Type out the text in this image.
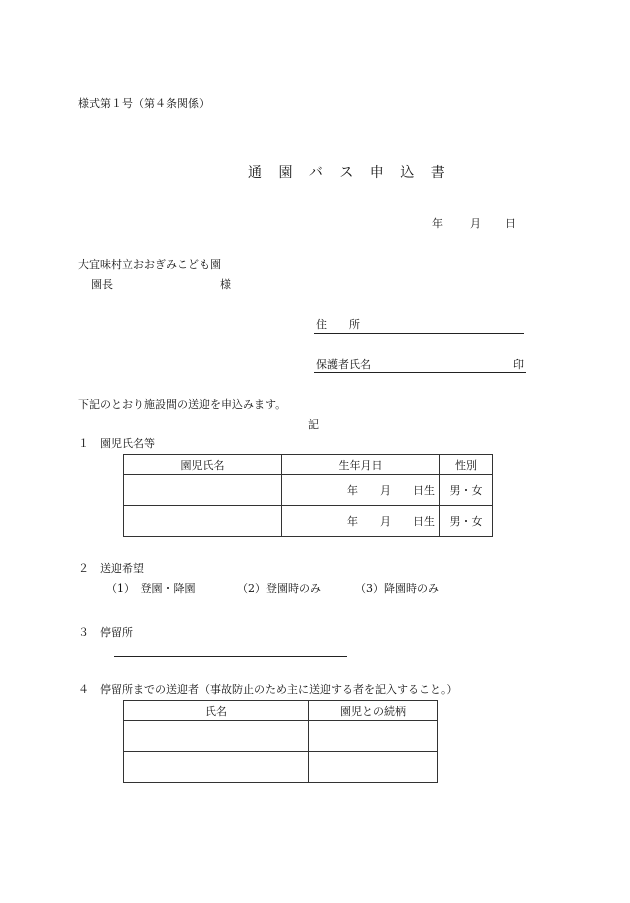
様式第１号（第４条関係）
通 園 バ ス 申 込 書
年 月 日
大宜味村立おおぎみこども園
園長	様
住　　所
保護者氏名	印
下記のとおり施設間の送迎を申込みます。
記
１　園児氏名等
園児氏名	生年月日	性別

	年 月 日生	男・女

	年 月 日生	男・女
２　送迎希望
（1）　登園・降園	（2）登園時のみ	（3）降園時のみ
３　停留所
４　停留所までの送迎者（事故防止のため主に送迎する者を記入すること。）
氏名	園児との続柄
